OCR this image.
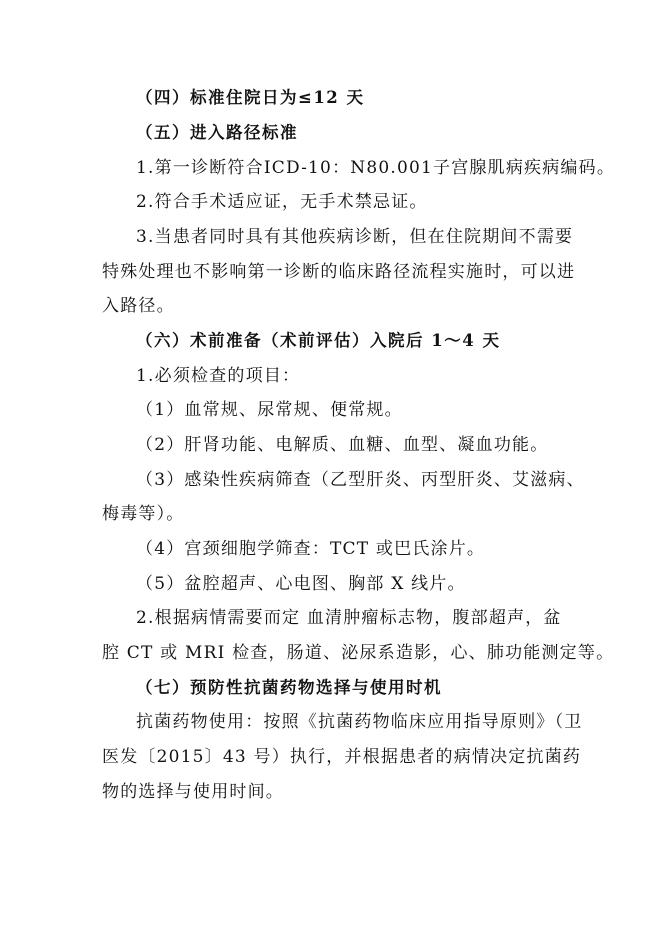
（四）标准住院日为≤12 天
（五）进入路径标准
1.第一诊断符合ICD-10：N80.001子宫腺肌病疾病编码。
2.符合手术适应证，无手术禁忌证。
3.当患者同时具有其他疾病诊断，但在住院期间不需要
特殊处理也不影响第一诊断的临床路径流程实施时，可以进
入路径。
（六）术前准备（术前评估）入院后 1～4 天
1.必须检查的项目：
（1）血常规、尿常规、便常规。
（2）肝肾功能、电解质、血糖、血型、凝血功能。
（3）感染性疾病筛查（乙型肝炎、丙型肝炎、艾滋病、
梅毒等）。
（4）宫颈细胞学筛查：TCT 或巴氏涂片。
（5）盆腔超声、心电图、胸部 X 线片。
2.根据病情需要而定 血清肿瘤标志物，腹部超声，盆
腔 CT 或 MRI 检查，肠道、泌尿系造影，心、肺功能测定等。
（七）预防性抗菌药物选择与使用时机
抗菌药物使用：按照《抗菌药物临床应用指导原则》（卫
医发〔2015〕43 号）执行，并根据患者的病情决定抗菌药
物的选择与使用时间。
